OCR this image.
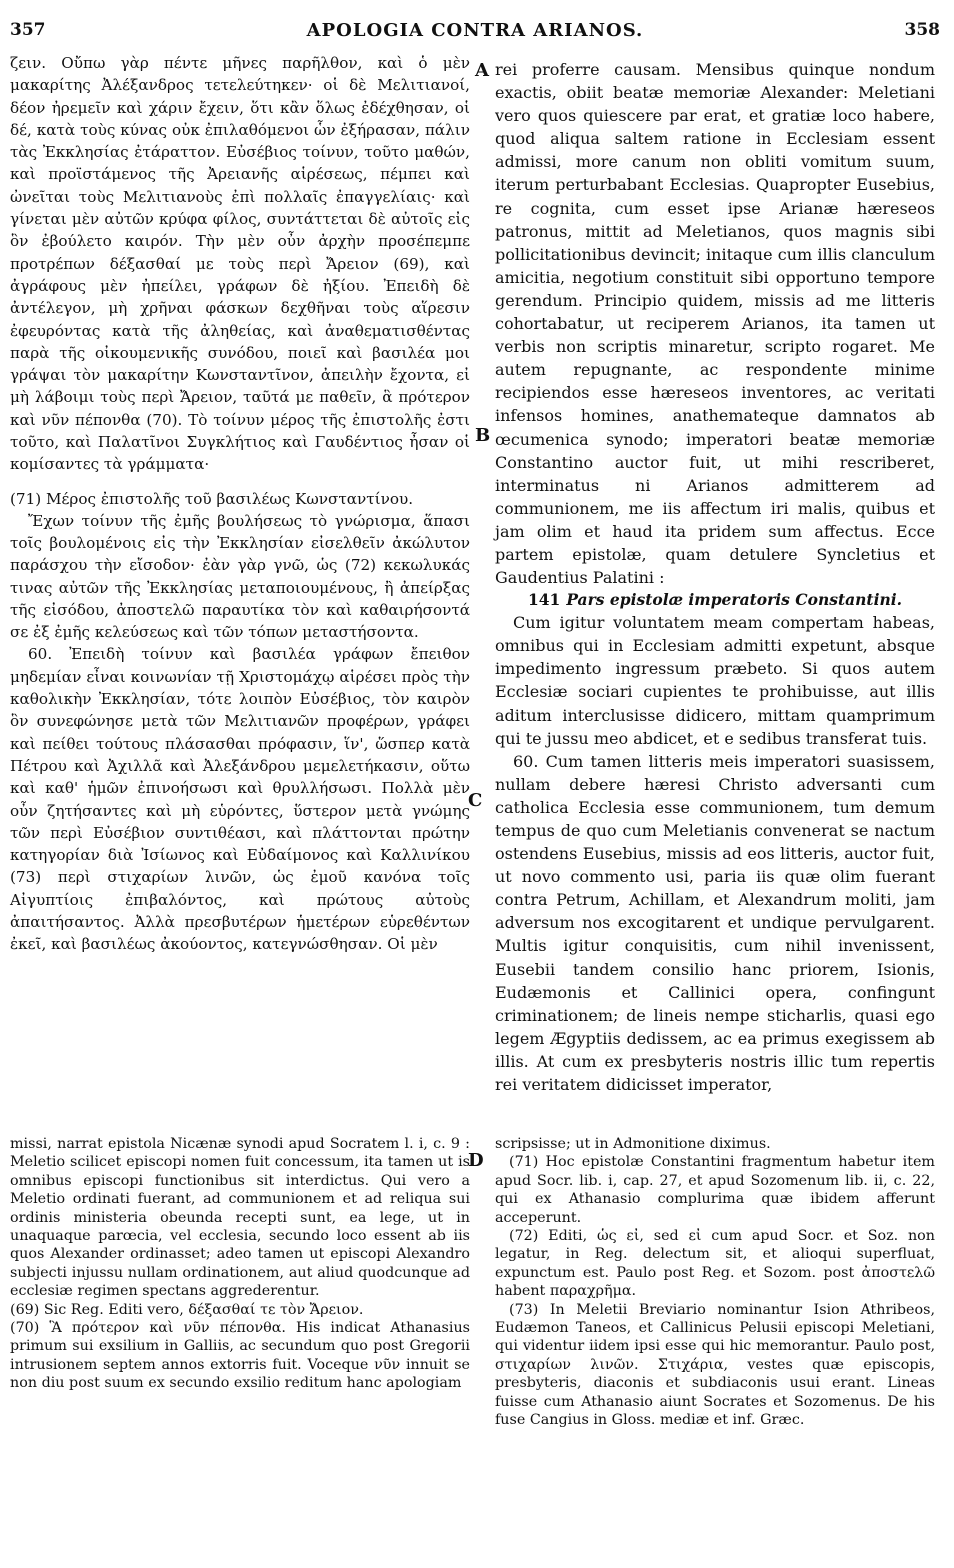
357	APOLOGIA CONTRA ARIANOS.	358
A
B
C
D

ζειν. Οὔπω γὰρ πέντε μῆνες παρῆλθον, καὶ ὁ μὲν μακαρίτης Ἀλέξανδρος τετελεύτηκεν· οἱ δὲ Μελιτιανοί, δέον ἠρεμεῖν καὶ χάριν ἔχειν, ὅτι κἂν ὅλως ἐδέχθησαν, οἱ δέ, κατὰ τοὺς κύνας οὐκ ἐπιλαθόμενοι ὧν ἐξήρασαν, πάλιν τὰς Ἐκκλησίας ἐτάραττον. Εὐσέβιος τοίνυν, τοῦτο μαθών, καὶ προϊστάμενος τῆς Ἀρειανῆς αἱρέσεως, πέμπει καὶ ὠνεῖται τοὺς Μελιτιανοὺς ἐπὶ πολλαῖς ἐπαγγελίαις· καὶ γίνεται μὲν αὐτῶν κρύφα φίλος, συντάττεται δὲ αὐτοῖς εἰς ὃν ἐβούλετο καιρόν. Τὴν μὲν οὖν ἀρχὴν προσέπεμπε προτρέπων δέξασθαί με τοὺς περὶ Ἄρειον (69), καὶ ἀγράφους μὲν ἠπείλει, γράφων δὲ ἠξίου. Ἐπειδὴ δὲ ἀντέλεγον, μὴ χρῆναι φάσκων δεχθῆναι τοὺς αἵρεσιν ἐφευρόντας κατὰ τῆς ἀληθείας, καὶ ἀναθεματισθέντας παρὰ τῆς οἰκουμενικῆς συνόδου, ποιεῖ καὶ βασιλέα μοι γράψαι τὸν μακαρίτην Κωνσταντῖνον, ἀπειλὴν ἔχοντα, εἰ μὴ λάβοιμι τοὺς περὶ Ἄρειον, ταῦτά με παθεῖν, ἃ πρότερον καὶ νῦν πέπονθα (70). Τὸ τοίνυν μέρος τῆς ἐπιστολῆς ἐστι τοῦτο, καὶ Παλατῖνοι Συγκλήτιος καὶ Γαυδέντιος ἦσαν οἱ κομίσαντες τὰ γράμματα·

(71) Μέρος ἐπιστολῆς τοῦ βασιλέως Κωνσταντίνου.

Ἔχων τοίνυν τῆς ἐμῆς βουλήσεως τὸ γνώρισμα, ἅπασι τοῖς βουλομένοις εἰς τὴν Ἐκκλησίαν εἰσελθεῖν ἀκώλυτον παράσχου τὴν εἴσοδον· ἐὰν γὰρ γνῶ, ὡς (72) κεκωλυκάς τινας αὐτῶν τῆς Ἐκκλησίας μεταποιουμένους, ἢ ἀπείρξας τῆς εἰσόδου, ἀποστελῶ παραυτίκα τὸν καὶ καθαιρήσοντά σε ἐξ ἐμῆς κελεύσεως καὶ τῶν τόπων μεταστήσοντα.

60. Ἐπειδὴ τοίνυν καὶ βασιλέα γράφων ἔπειθον μηδεμίαν εἶναι κοινωνίαν τῇ Χριστομάχῳ αἱρέσει πρὸς τὴν καθολικὴν Ἐκκλησίαν, τότε λοιπὸν Εὐσέβιος, τὸν καιρὸν ὃν συνεφώνησε μετὰ τῶν Μελιτιανῶν προφέρων, γράφει καὶ πείθει τούτους πλάσασθαι πρόφασιν, ἵν', ὥσπερ κατὰ Πέτρου καὶ Ἀχιλλᾶ καὶ Ἀλεξάνδρου μεμελετήκασιν, οὕτω καὶ καθ' ἡμῶν ἐπινοήσωσι καὶ θρυλλήσωσι. Πολλὰ μὲν οὖν ζητήσαντες καὶ μὴ εὑρόντες, ὕστερον μετὰ γνώμης τῶν περὶ Εὐσέβιον συντιθέασι, καὶ πλάττονται πρώτην κατηγορίαν διὰ Ἰσίωνος καὶ Εὐδαίμονος καὶ Καλλινίκου (73) περὶ στιχαρίων λινῶν, ὡς ἐμοῦ κανόνα τοῖς Αἰγυπτίοις ἐπιβαλόντος, καὶ πρώτους αὐτοὺς ἀπαιτήσαντος. Ἀλλὰ πρεσβυτέρων ἡμετέρων εὑρεθέντων ἐκεῖ, καὶ βασιλέως ἀκούοντος, κατεγνώσθησαν. Οἱ μὲν

rei proferre causam. Mensibus quinque nondum exactis, obiit beatæ memoriæ Alexander: Meletiani vero quos quiescere par erat, et gratiæ loco habere, quod aliqua saltem ratione in Ecclesiam essent admissi, more canum non obliti vomitum suum, iterum perturbabant Ecclesias. Quapropter Eusebius, re cognita, cum esset ipse Arianæ hæreseos patronus, mittit ad Meletianos, quos magnis sibi pollicitationibus devincit; initaque cum illis clanculum amicitia, negotium constituit sibi opportuno tempore gerendum. Principio quidem, missis ad me litteris cohortabatur, ut reciperem Arianos, ita tamen ut verbis non scriptis minaretur, scripto rogaret. Me autem repugnante, ac respondente minime recipiendos esse hæreseos inventores, ac veritati infensos homines, anathemateque damnatos ab œcumenica synodo; imperatori beatæ memoriæ Constantino auctor fuit, ut mihi rescriberet, interminatus ni Arianos admitterem ad communionem, me iis affectum iri malis, quibus et jam olim et haud ita pridem sum affectus. Ecce partem epistolæ, quam detulere Syncletius et Gaudentius Palatini :

141 Pars epistolæ imperatoris Constantini.

Cum igitur voluntatem meam compertam habeas, omnibus qui in Ecclesiam admitti expetunt, absque impedimento ingressum præbeto. Si quos autem Ecclesiæ sociari cupientes te prohibuisse, aut illis aditum interclusisse didicero, mittam quamprimum qui te jussu meo abdicet, et e sedibus transferat tuis.

60. Cum tamen litteris meis imperatori suasissem, nullam debere hæresi Christo adversanti cum catholica Ecclesia esse communionem, tum demum tempus de quo cum Meletianis convenerat se nactum ostendens Eusebius, missis ad eos litteris, auctor fuit, ut novo commento usi, paria iis quæ olim fuerant contra Petrum, Achillam, et Alexandrum moliti, jam adversum nos excogitarent et undique pervulgarent. Multis igitur conquisitis, cum nihil invenissent, Eusebii tandem consilio hanc priorem, Isionis, Eudæmonis et Callinici opera, confingunt criminationem; de lineis nempe sticharlis, quasi ego legem Ægyptiis dedissem, ac ea primus exegissem ab illis. At cum ex presbyteris nostris illic tum repertis rei veritatem didicisset imperator,

missi, narrat epistola Nicænæ synodi apud Socratem l. i, c. 9 : Meletio scilicet episcopi nomen fuit concessum, ita tamen ut is omnibus episcopi functionibus sit interdictus. Qui vero a Meletio ordinati fuerant, ad communionem et ad reliqua sui ordinis ministeria obeunda recepti sunt, ea lege, ut in unaquaque parœcia, vel ecclesia, secundo loco essent ab iis quos Alexander ordinasset; adeo tamen ut episcopi Alexandro subjecti injussu nullam ordinationem, aut aliud quodcunque ad ecclesiæ regimen spectans aggrederentur.

(69) Sic Reg. Editi vero, δέξασθαί τε τὸν Ἄρειον.

(70) Ἃ πρότερον καὶ νῦν πέπονθα. His indicat Athanasius primum sui exsilium in Galliis, ac secundum quo post Gregorii intrusionem septem annos extorris fuit. Voceque νῦν innuit se non diu post suum ex secundo exsilio reditum hanc apologiam

scripsisse; ut in Admonitione diximus.

(71) Hoc epistolæ Constantini fragmentum habetur item apud Socr. lib. i, cap. 27, et apud Sozomenum lib. ii, c. 22, qui ex Athanasio complurima quæ ibidem afferunt acceperunt.

(72) Editi, ὡς εἰ, sed εἰ cum apud Socr. et Soz. non legatur, in Reg. delectum sit, et alioqui superfluat, expunctum est. Paulo post Reg. et Sozom. post ἀποστελῶ habent παραχρῆμα.

(73) In Meletii Breviario nominantur Ision Athribeos, Eudæmon Taneos, et Callinicus Pelusii episcopi Meletiani, qui videntur iidem ipsi esse qui hic memorantur. Paulo post, στιχαρίων λινῶν. Στιχάρια, vestes quæ episcopis, presbyteris, diaconis et subdiaconis usui erant. Lineas fuisse cum Athanasio aiunt Socrates et Sozomenus. De his fuse Cangius in Gloss. mediæ et inf. Græc.
